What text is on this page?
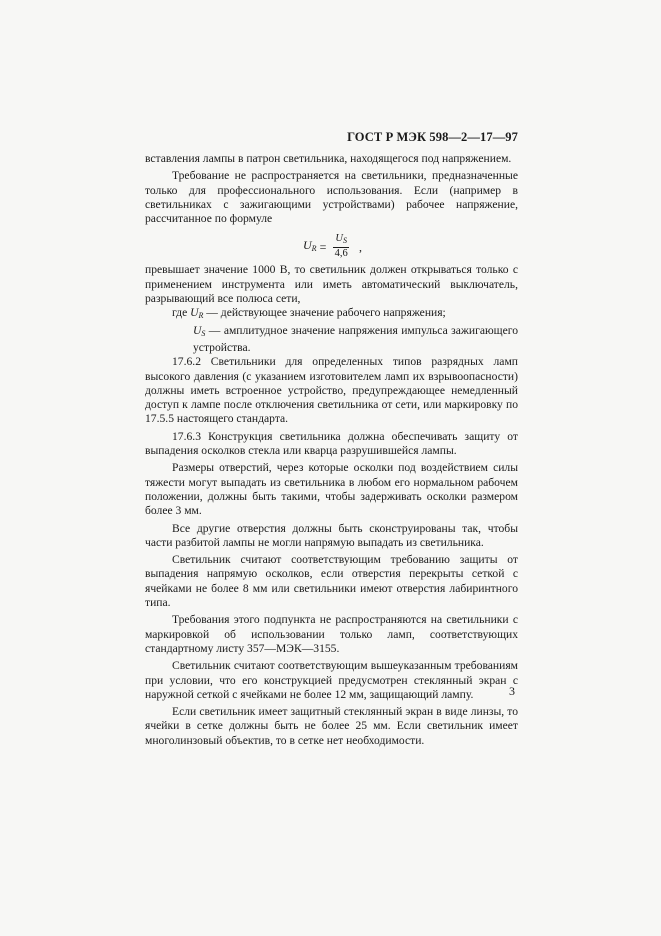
ГОСТ Р МЭК 598—2—17—97

вставления лампы в патрон светильника, находящегося под напряжением.

Требование не распространяется на светильники, предназначенные только для профессионального использования. Если (например в светильниках с зажигающими устройствами) рабочее напряжение, рассчитанное по формуле

$U_R = \frac{U_S}{4,6}$ ,

превышает значение 1000 В, то светильник должен открываться только с применением инструмента или иметь автоматический выключатель, разрывающий все полюса сети,

где $U_R$ — действующее значение рабочего напряжения;

$U_S$ — амплитудное значение напряжения импульса зажигающего устройства.

17.6.2 Светильники для определенных типов разрядных ламп высокого давления (с указанием изготовителем ламп их взрывоопасности) должны иметь встроенное устройство, предупреждающее немедленный доступ к лампе после отключения светильника от сети, или маркировку по 17.5.5 настоящего стандарта.

17.6.3 Конструкция светильника должна обеспечивать защиту от выпадения осколков стекла или кварца разрушившейся лампы.

Размеры отверстий, через которые осколки под воздействием силы тяжести могут выпадать из светильника в любом его нормальном рабочем положении, должны быть такими, чтобы задерживать осколки размером более 3 мм.

Все другие отверстия должны быть сконструированы так, чтобы части разбитой лампы не могли напрямую выпадать из светильника.

Светильник считают соответствующим требованию защиты от выпадения напрямую осколков, если отверстия перекрыты сеткой с ячейками не более 8 мм или светильники имеют отверстия лабиринтного типа.

Требования этого подпункта не распространяются на светильники с маркировкой об использовании только ламп, соответствующих стандартному листу 357—МЭК—3155.

Светильник считают соответствующим вышеуказанным требованиям при условии, что его конструкцией предусмотрен стеклянный экран с наружной сеткой с ячейками не более 12 мм, защищающий лампу.

Если светильник имеет защитный стеклянный экран в виде линзы, то ячейки в сетке должны быть не более 25 мм. Если светильник имеет многолинзовый объектив, то в сетке нет необходимости.

3
